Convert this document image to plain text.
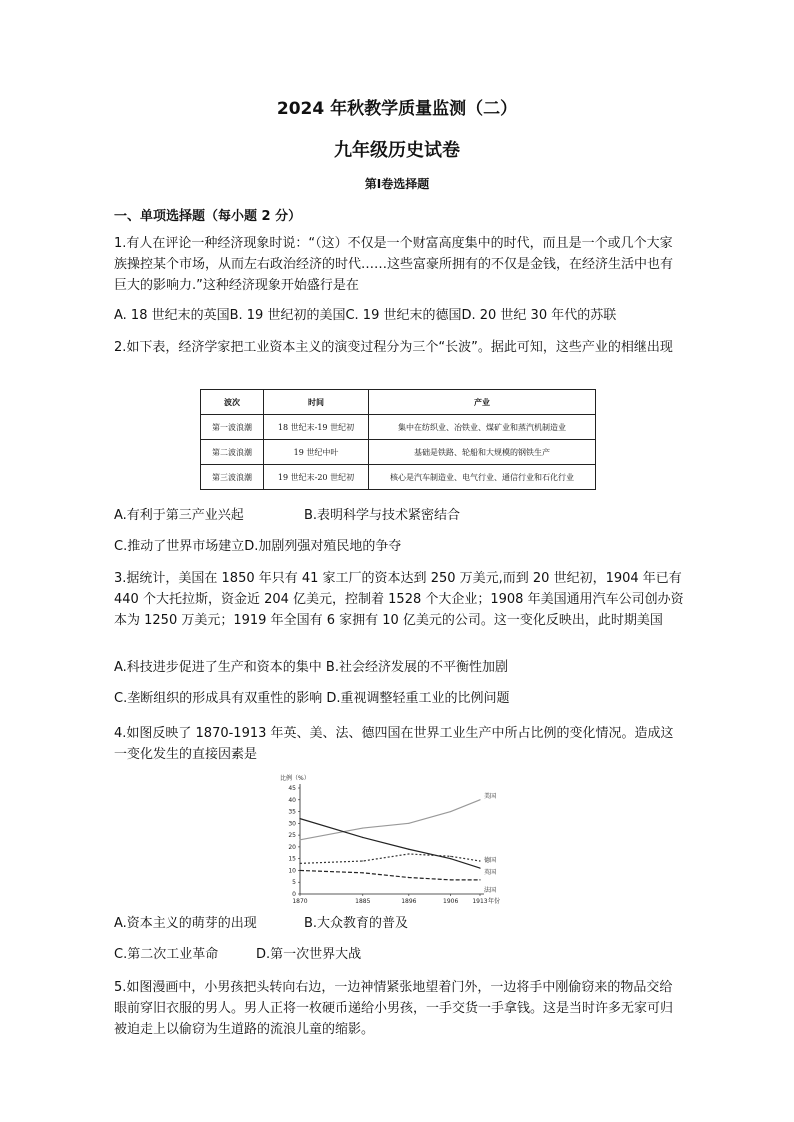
2024 年秋教学质量监测（二）
九年级历史试卷
第Ⅰ卷选择题
一、单项选择题（每小题 2 分）
1.有人在评论一种经济现象时说：“（这）不仅是一个财富高度集中的时代，而且是一个或几个大家族操控某个市场，从而左右政治经济的时代……这些富豪所拥有的不仅是金钱，在经济生活中也有巨大的影响力.”这种经济现象开始盛行是在
A. 18 世纪末的英国B. 19 世纪初的美国C. 19 世纪末的德国D. 20 世纪 30 年代的苏联
2.如下表，经济学家把工业资本主义的演变过程分为三个“长波”。据此可知，这些产业的相继出现
波次	时间	产业
第一波浪潮	18 世纪末-19 世纪初	集中在纺织业、冶铁业、煤矿业和蒸汽机制造业
第二波浪潮	19 世纪中叶	基础是铁路、轮船和大规模的钢铁生产
第三波浪潮	19 世纪末-20 世纪初	核心是汽车制造业、电气行业、通信行业和石化行业
A.有利于第三产业兴起	B.表明科学与技术紧密结合
C.推动了世界市场建立D.加剧列强对殖民地的争夺
3.据统计，美国在 1850 年只有 41 家工厂的资本达到 250 万美元,而到 20 世纪初，1904 年已有 440 个大托拉斯，资金近 204 亿美元，控制着 1528 个大企业；1908 年美国通用汽车公司创办资本为 1250 万美元；1919 年全国有 6 家拥有 10 亿美元的公司。这一变化反映出，此时期美国
A.科技进步促进了生产和资本的集中 B.社会经济发展的不平衡性加剧
C.垄断组织的形成具有双重性的影响 D.重视调整轻重工业的比例问题
4.如图反映了 1870-1913 年英、美、法、德四国在世界工业生产中所占比例的变化情况。造成这一变化发生的直接因素是
比例（%）
0
5
10
15
20
25
30
35
40
45
1870	1885	1896	1906 1913 年份
美国
德国
英国
法国
A.资本主义的萌芽的出现	B.大众教育的普及
C.第二次工业革命	D.第一次世界大战
5.如图漫画中，小男孩把头转向右边，一边神情紧张地望着门外，一边将手中刚偷窃来的物品交给眼前穿旧衣服的男人。男人正将一枚硬币递给小男孩，一手交货一手拿钱。这是当时许多无家可归被迫走上以偷窃为生道路的流浪儿童的缩影。
